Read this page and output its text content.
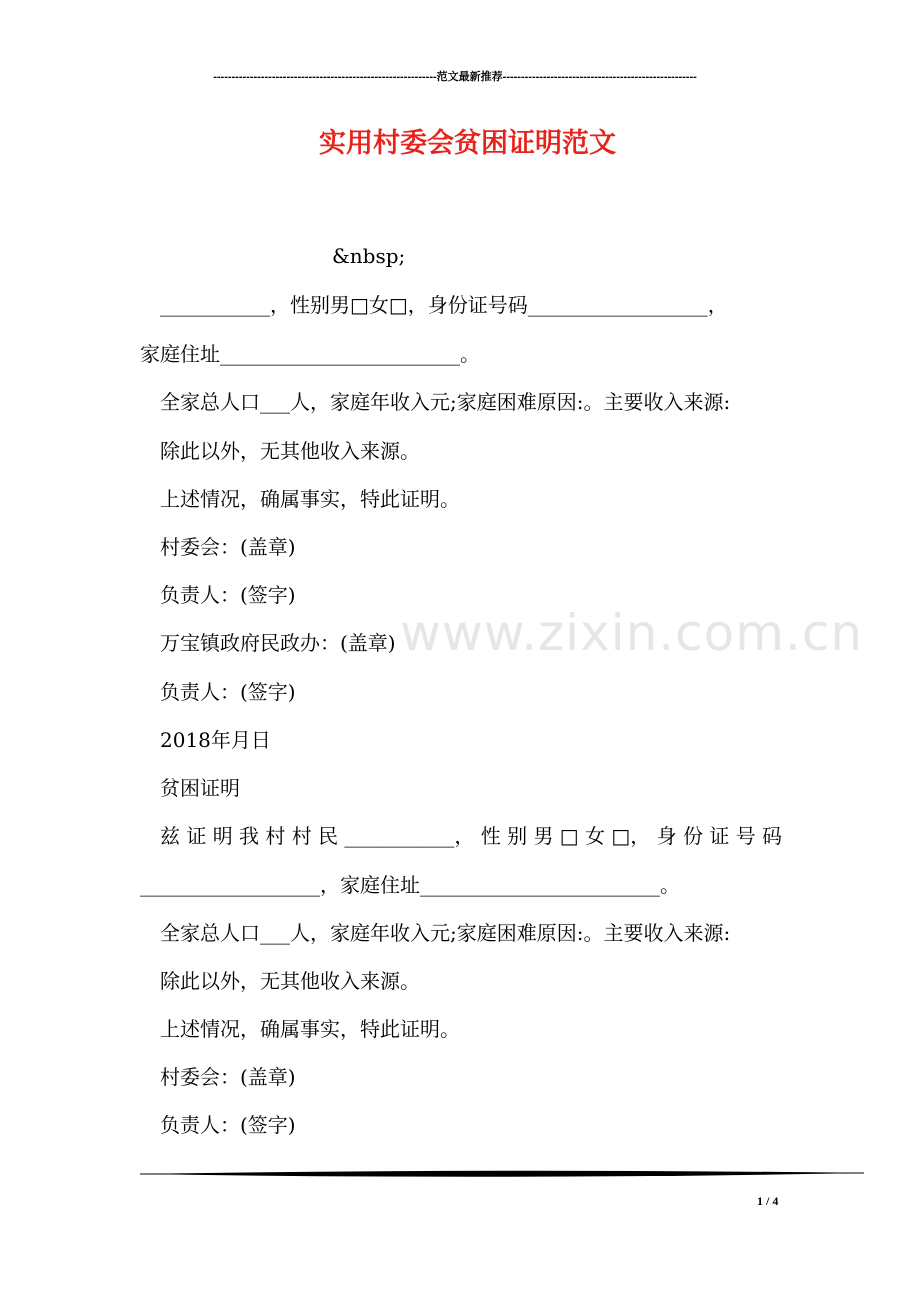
-------------------------------------------------------------范文最新推荐-----------------------------------------------------
实用村委会贫困证明范文
&nbsp;
___________，性别男□女□，身份证号码__________________，
家庭住址________________________。
全家总人口___人，家庭年收入元;家庭困难原因:。主要收入来源:
除此以外，无其他收入来源。
上述情况，确属事实，特此证明。
村委会：(盖章)
负责人：(签字)
万宝镇政府民政办：(盖章)
负责人：(签字)
2018年月日
贫困证明
兹 证 明 我 村 村 民 ___________， 性 别 男 □ 女 □， 身 份 证 号 码
__________________，家庭住址________________________。
全家总人口___人，家庭年收入元;家庭困难原因:。主要收入来源:
除此以外，无其他收入来源。
上述情况，确属事实，特此证明。
村委会：(盖章)
负责人：(签字)
www.zixin.com.cn
1 / 4
